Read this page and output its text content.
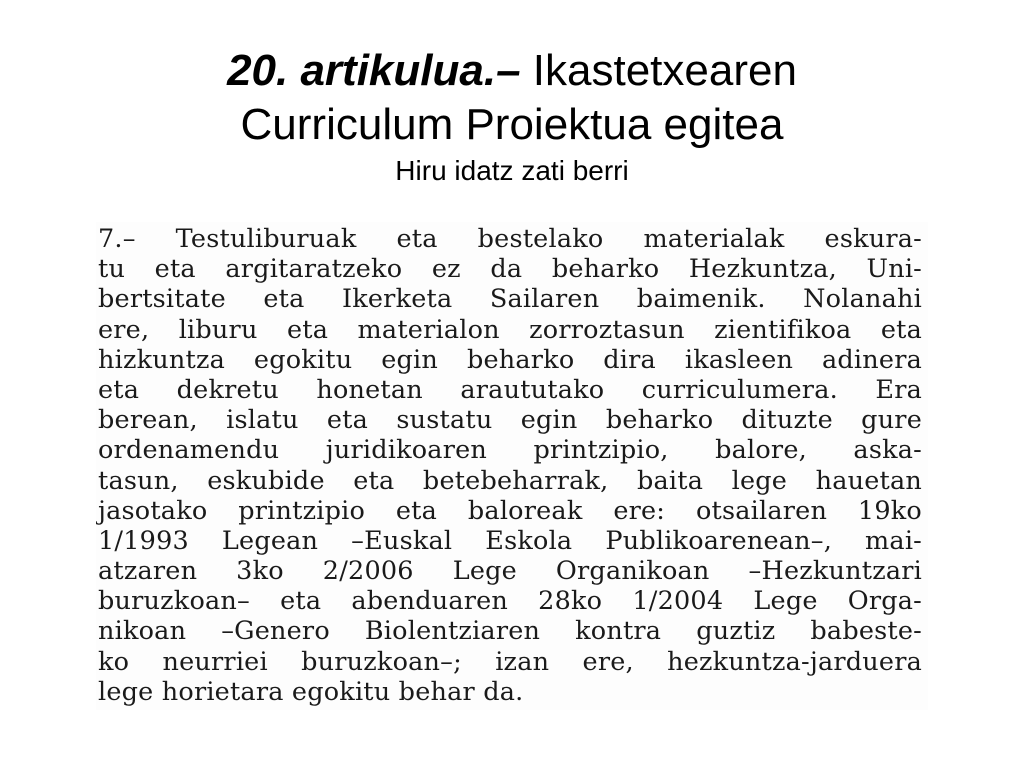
20. artikulua.– Ikastetxearen
Curriculum Proiektua egitea
Hiru idatz zati berri
7.– Testuliburuak eta bestelako materialak eskura-
tu eta argitaratzeko ez da beharko Hezkuntza, Uni-
bertsitate eta Ikerketa Sailaren baimenik. Nolanahi
ere, liburu eta materialon zorroztasun zientifikoa eta
hizkuntza egokitu egin beharko dira ikasleen adinera
eta dekretu honetan araututako curriculumera. Era
berean, islatu eta sustatu egin beharko dituzte gure
ordenamendu juridikoaren printzipio, balore, aska-
tasun, eskubide eta betebeharrak, baita lege hauetan
jasotako printzipio eta baloreak ere: otsailaren 19ko
1/1993 Legean –Euskal Eskola Publikoarenean–, mai-
atzaren 3ko 2/2006 Lege Organikoan –Hezkuntzari
buruzkoan– eta abenduaren 28ko 1/2004 Lege Orga-
nikoan –Genero Biolentziaren kontra guztiz babeste-
ko neurriei buruzkoan–; izan ere, hezkuntza-jarduera
lege horietara egokitu behar da.
